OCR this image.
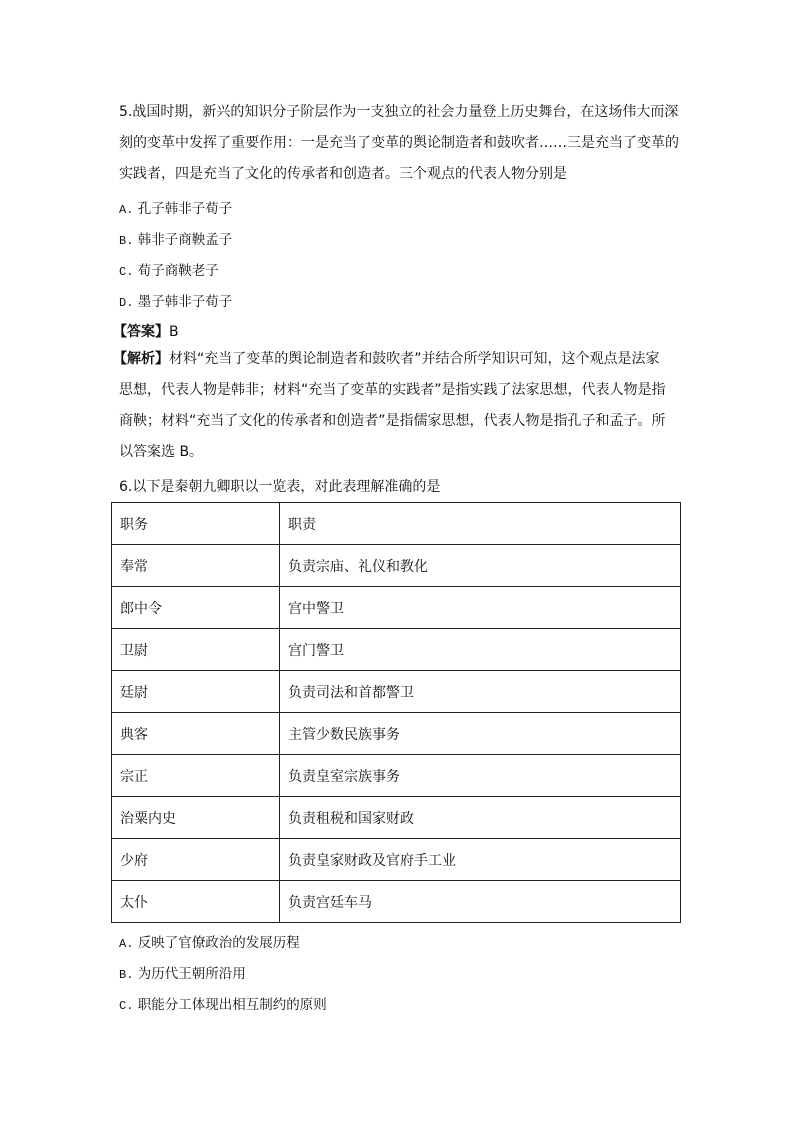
5.战国时期，新兴的知识分子阶层作为一支独立的社会力量登上历史舞台，在这场伟大而深
刻的变革中发挥了重要作用：一是充当了变革的舆论制造者和鼓吹者……三是充当了变革的
实践者，四是充当了文化的传承者和创造者。三个观点的代表人物分别是

A. 孔子韩非子荀子

B. 韩非子商鞅孟子

C. 荀子商鞅老子

D. 墨子韩非子荀子

【答案】B

【解析】材料“充当了变革的舆论制造者和鼓吹者”并结合所学知识可知，这个观点是法家
思想，代表人物是韩非；材料“充当了变革的实践者”是指实践了法家思想，代表人物是指
商鞅；材料“充当了文化的传承者和创造者”是指儒家思想，代表人物是指孔子和孟子。所
以答案选 B。

6.以下是秦朝九卿职以一览表，对此表理解准确的是

职务	职责
奉常	负责宗庙、礼仪和教化
郎中令	宫中警卫
卫尉	宫门警卫
廷尉	负责司法和首都警卫
典客	主管少数民族事务
宗正	负责皇室宗族事务
治粟内史	负责租税和国家财政
少府	负责皇家财政及官府手工业
太仆	负责宫廷车马

A. 反映了官僚政治的发展历程

B. 为历代王朝所沿用

C. 职能分工体现出相互制约的原则
